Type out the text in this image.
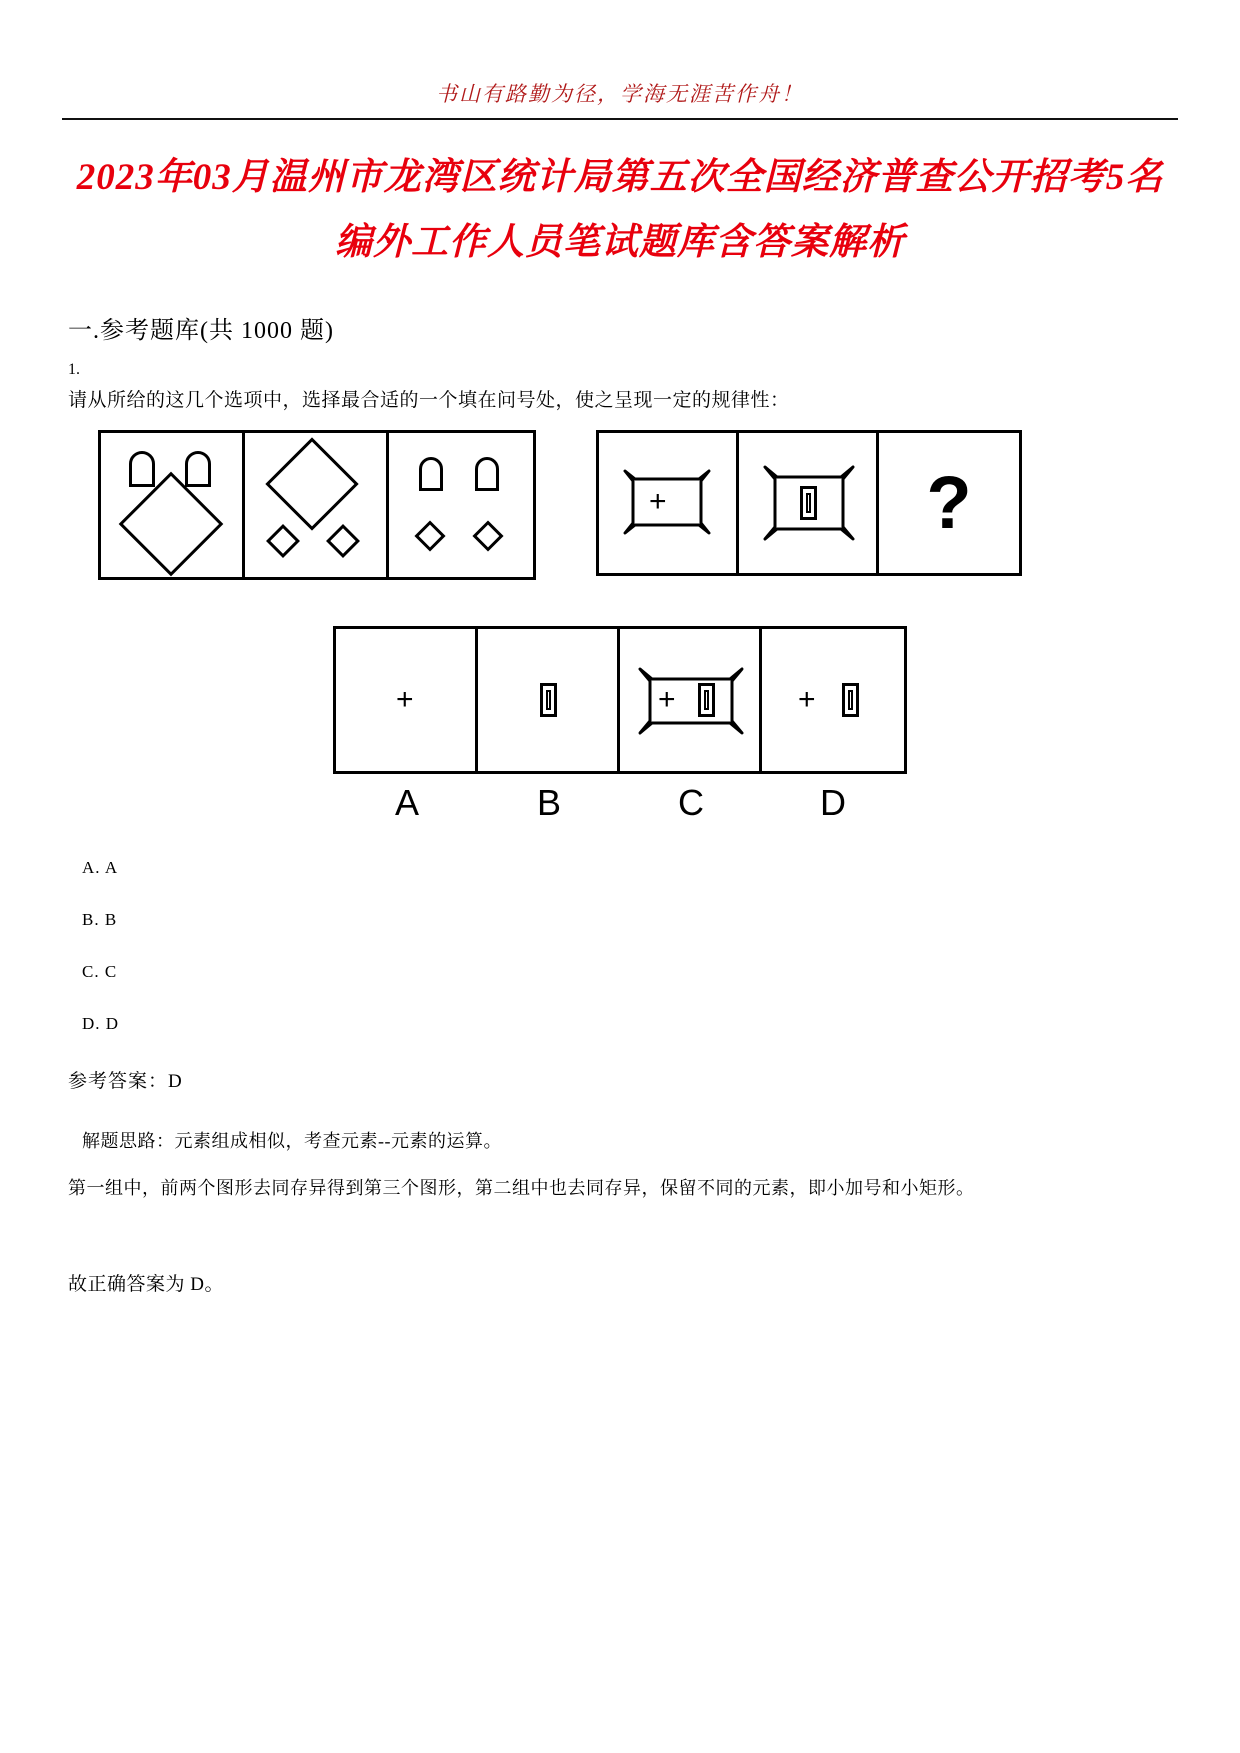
书山有路勤为径，学海无涯苦作舟！
2023年03月温州市龙湾区统计局第五次全国经济普查公开招考5名编外工作人员笔试题库含答案解析
一.参考题库(共 1000 题)
1.
请从所给的这几个选项中，选择最合适的一个填在问号处，使之呈现一定的规律性：
+	?
+	+	+
A	B	C	D
A. A
B. B
C. C
D. D
参考答案：D
解题思路：元素组成相似，考查元素--元素的运算。
第一组中，前两个图形去同存异得到第三个图形，第二组中也去同存异，保留不同的元素，即小加号和小矩形。
故正确答案为 D。
